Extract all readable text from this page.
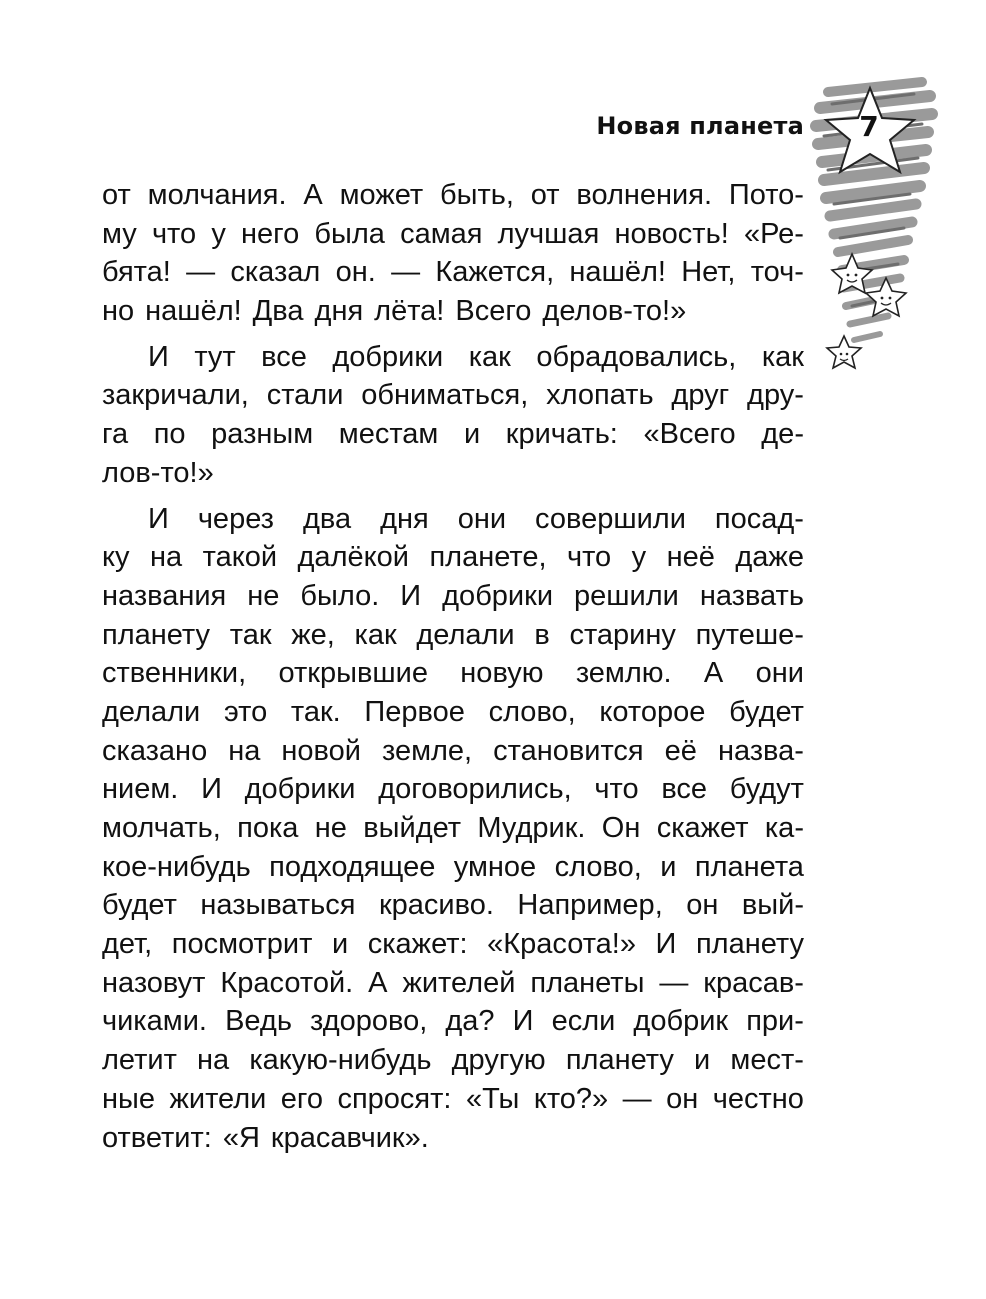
Новая планета 7
от молчания. А может быть, от волнения. Пото-
му что у него была самая лучшая новость! «Ре-
бята! — сказал он. — Кажется, нашёл! Нет, точ-
но нашёл! Два дня лёта! Всего делов-то!»
И тут все добрики как обрадовались, как
закричали, стали обниматься, хлопать друг дру-
га по разным местам и кричать: «Всего де-
лов-то!»
И через два дня они совершили посад-
ку на такой далёкой планете, что у неё даже
названия не было. И добрики решили назвать
планету так же, как делали в старину путеше-
ственники, открывшие новую землю. А они
делали это так. Первое слово, которое будет
сказано на новой земле, становится её назва-
нием. И добрики договорились, что все будут
молчать, пока не выйдет Мудрик. Он скажет ка-
кое-нибудь подходящее умное слово, и планета
будет называться красиво. Например, он вый-
дет, посмотрит и скажет: «Красота!» И планету
назовут Красотой. А жителей планеты — красав-
чиками. Ведь здорово, да? И если добрик при-
летит на какую-нибудь другую планету и мест-
ные жители его спросят: «Ты кто?» — он честно
ответит: «Я красавчик».
